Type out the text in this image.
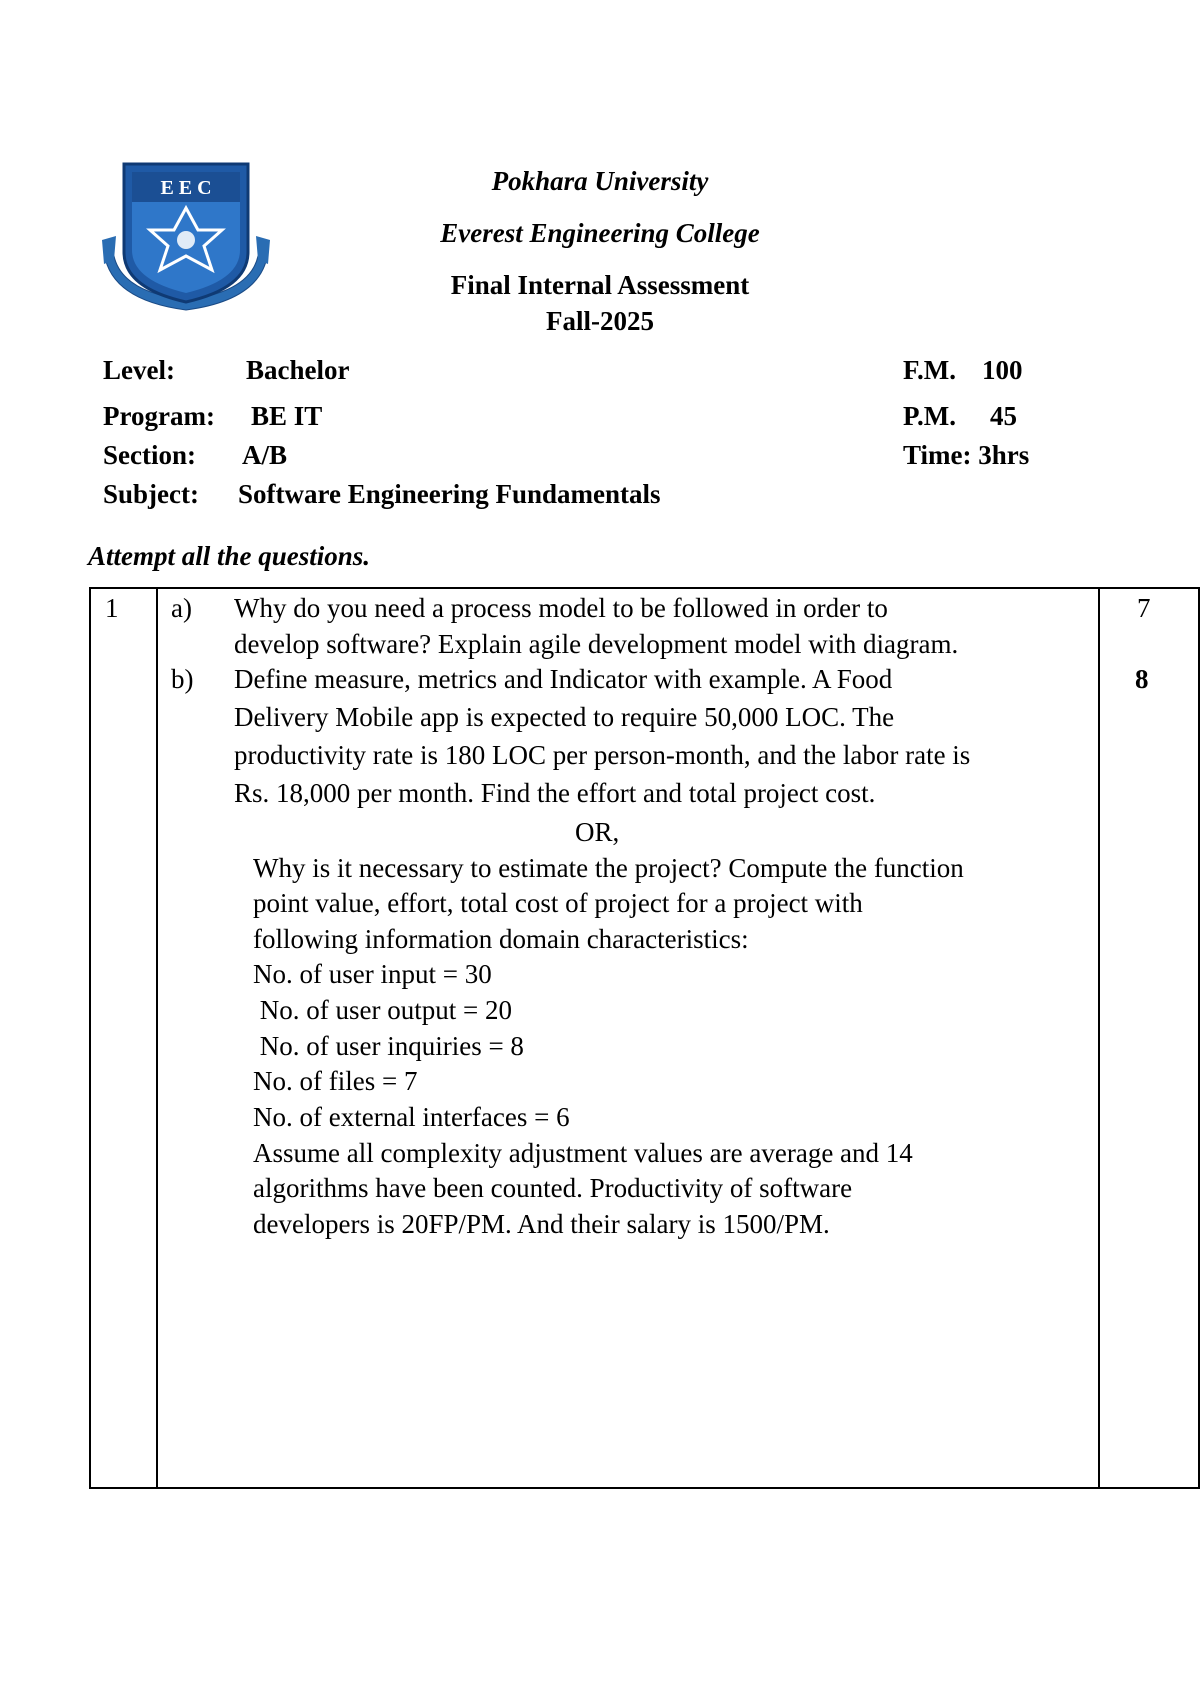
E E C	Pokhara University
Everest Engineering College
Final Internal Assessment
Fall-2025
Level:	Bachelor	F.M. 100
Program: BE IT	P.M. 45
Section: A/B	Time: 3hrs
Subject: Software Engineering Fundamentals
Attempt all the questions.
1 a) Why do you need a process model to be followed in order to
develop software? Explain agile development model with diagram.
7
b) Define measure, metrics and Indicator with example. A Food
Delivery Mobile app is expected to require 50,000 LOC. The
productivity rate is 180 LOC per person-month, and the labor rate is
Rs. 18,000 per month. Find the effort and total project cost.
8
OR,
Why is it necessary to estimate the project? Compute the function
point value, effort, total cost of project for a project with
following information domain characteristics:
No. of user input = 30
No. of user output = 20
No. of user inquiries = 8
No. of files = 7
No. of external interfaces = 6
Assume all complexity adjustment values are average and 14
algorithms have been counted. Productivity of software
developers is 20FP/PM. And their salary is 1500/PM.
